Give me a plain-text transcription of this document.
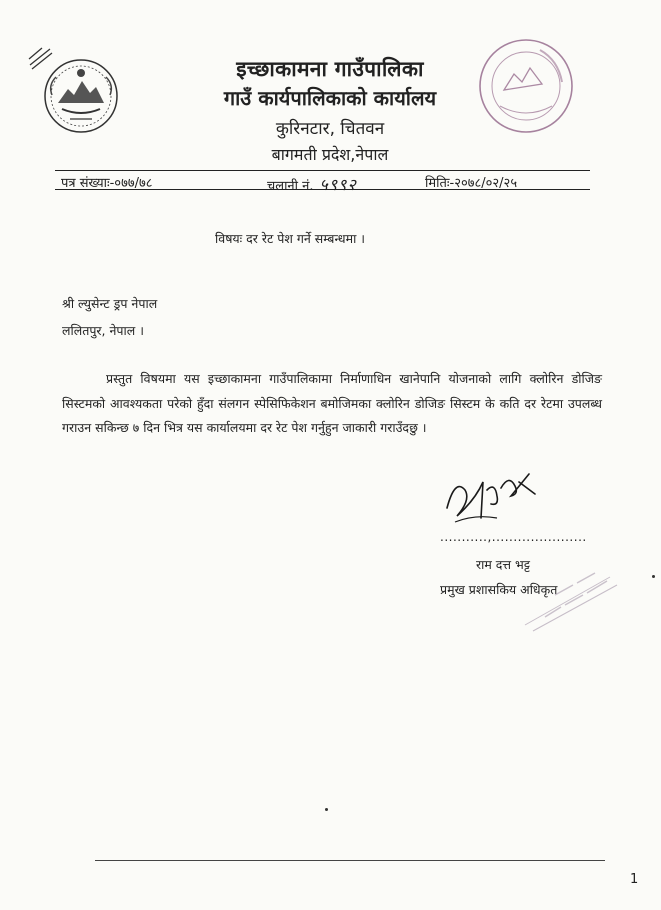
इच्छाकामना गाउँपालिका
गाउँ कार्यपालिकाको कार्यालय
कुरिनटार, चितवन
बागमती प्रदेश,नेपाल
पत्र संख्याः-०७७/७८	चलानी नं. ५९९२	मितिः-२०७८/०२/२५
विषयः दर रेट पेश गर्ने सम्बन्धमा ।
श्री ल्युसेन्ट ड्रप नेपाल
ललितपुर, नेपाल ।
प्रस्तुत विषयमा यस इच्छाकामना गाउँपालिकामा निर्माणाधिन खानेपानि योजनाको लागि क्लोरिन डोजिङ सिस्टमको आवश्यकता परेको हुँदा संलगन स्पेसिफिकेशन बमोजिमका क्लोरिन डोजिङ सिस्टम के कति दर रेटमा उपलब्ध गराउन सकिन्छ ७ दिन भित्र यस कार्यालयमा दर रेट पेश गर्नुहुन जाकारी गराउँदछु ।
...........,......................
राम दत्त भट्ट
प्रमुख प्रशासकिय अधिकृत
1
